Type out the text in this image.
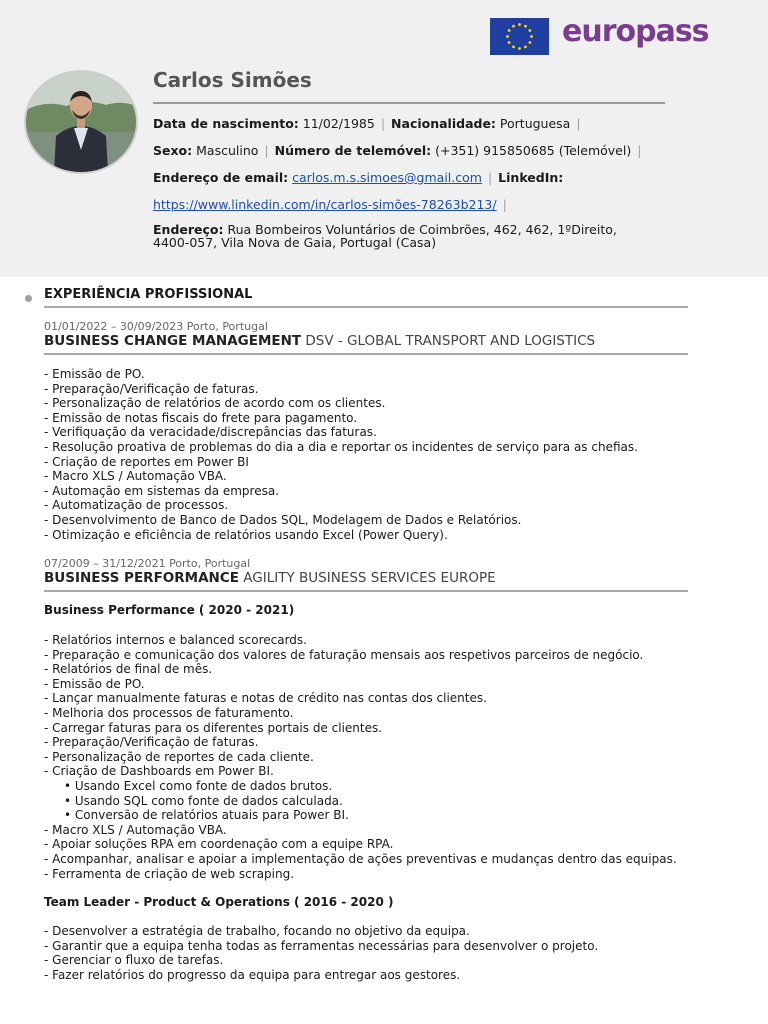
europass
Carlos Simões
Data de nascimento: 11/02/1985 | Nacionalidade: Portuguesa |
Sexo: Masculino | Número de telemóvel: (+351) 915850685 (Telemóvel) |
Endereço de email: carlos.m.s.simoes@gmail.com | LinkedIn:
https://www.linkedin.com/in/carlos-simões-78263b213/ |
Endereço: Rua Bombeiros Voluntários de Coimbrões, 462, 462, 1ºDireito, 4400-057, Vila Nova de Gaia, Portugal (Casa)
EXPERIÊNCIA PROFISSIONAL
01/01/2022 – 30/09/2023 Porto, Portugal
BUSINESS CHANGE MANAGEMENT DSV - GLOBAL TRANSPORT AND LOGISTICS
- Emissão de PO.
- Preparação/Verificação de faturas.
- Personalização de relatórios de acordo com os clientes.
- Emissão de notas fiscais do frete para pagamento.
- Verifiquação da veracidade/discrepâncias das faturas.
- Resolução proativa de problemas do dia a dia e reportar os incidentes de serviço para as chefias.
- Criação de reportes em Power BI
- Macro XLS / Automação VBA.
- Automação em sistemas da empresa.
- Automatização de processos.
- Desenvolvimento de Banco de Dados SQL, Modelagem de Dados e Relatórios.
- Otimização e eficiência de relatórios usando Excel (Power Query).
07/2009 – 31/12/2021 Porto, Portugal
BUSINESS PERFORMANCE AGILITY BUSINESS SERVICES EUROPE
Business Performance ( 2020 - 2021)
- Relatórios internos e balanced scorecards.
- Preparação e comunicação dos valores de faturação mensais aos respetivos parceiros de negócio.
- Relatórios de final de mês.
- Emissão de PO.
- Lançar manualmente faturas e notas de crédito nas contas dos clientes.
- Melhoria dos processos de faturamento.
- Carregar faturas para os diferentes portais de clientes.
- Preparação/Verificação de faturas.
- Personalização de reportes de cada cliente.
- Criação de Dashboards em Power BI.
• Usando Excel como fonte de dados brutos.
• Usando SQL como fonte de dados calculada.
• Conversão de relatórios atuais para Power BI.
- Macro XLS / Automação VBA.
- Apoiar soluções RPA em coordenação com a equipe RPA.
- Acompanhar, analisar e apoiar a implementação de ações preventivas e mudanças dentro das equipas.
- Ferramenta de criação de web scraping.
Team Leader - Product & Operations ( 2016 - 2020 )
- Desenvolver a estratégia de trabalho, focando no objetivo da equipa.
- Garantir que a equipa tenha todas as ferramentas necessárias para desenvolver o projeto.
- Gerenciar o fluxo de tarefas.
- Fazer relatórios do progresso da equipa para entregar aos gestores.
